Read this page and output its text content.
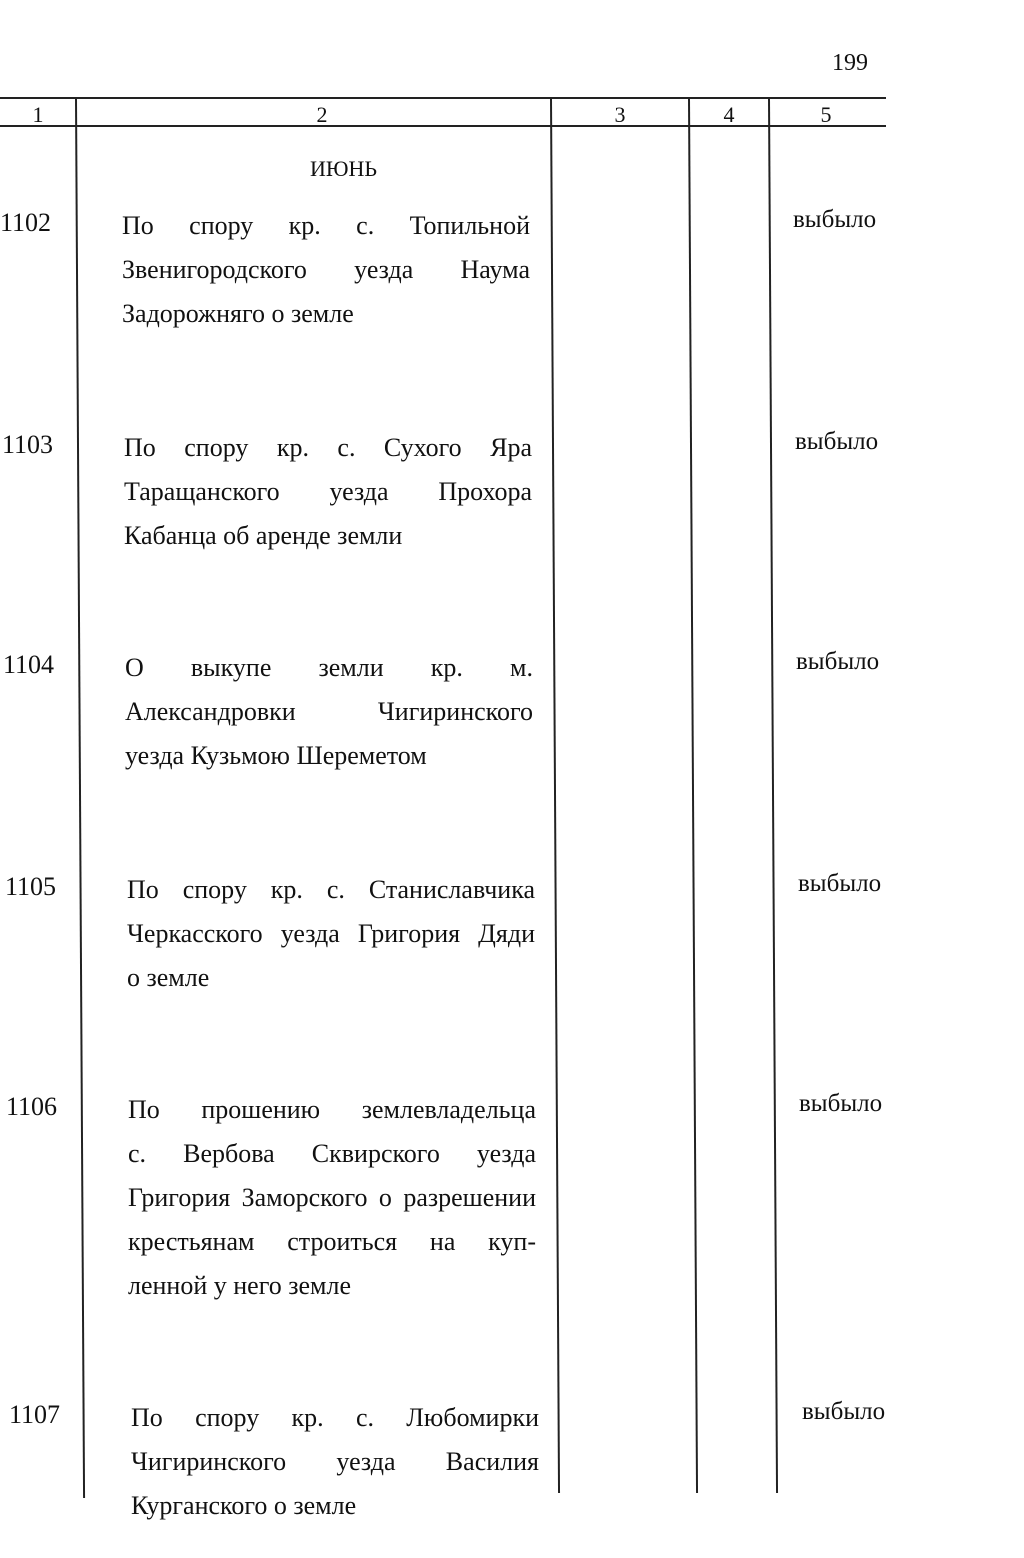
199
1	2	3	4	5
ИЮНЬ
1102	По спору кр. с. Топильной
Звенигородского уезда Наума
Задорожняго о земле
выбыло
1103	По спору кр. с. Сухого Яра
Таращанского уезда Прохора
Кабанца об аренде земли
выбыло
1104	О выкупе земли кр. м.
Александровки Чигиринского
уезда Кузьмою Шереметом
выбыло
1105	По спору кр. с. Станиславчика
Черкасского уезда Григория Дяди
о земле
выбыло
1106	По прошению землевладельца
с. Вербова Сквирского уезда
Григория Заморского о разрешении
крестьянам строиться на куп-
ленной у него земле
выбыло
1107	По спору кр. с. Любомирки
Чигиринского уезда Василия
Курганского о земле
выбыло
